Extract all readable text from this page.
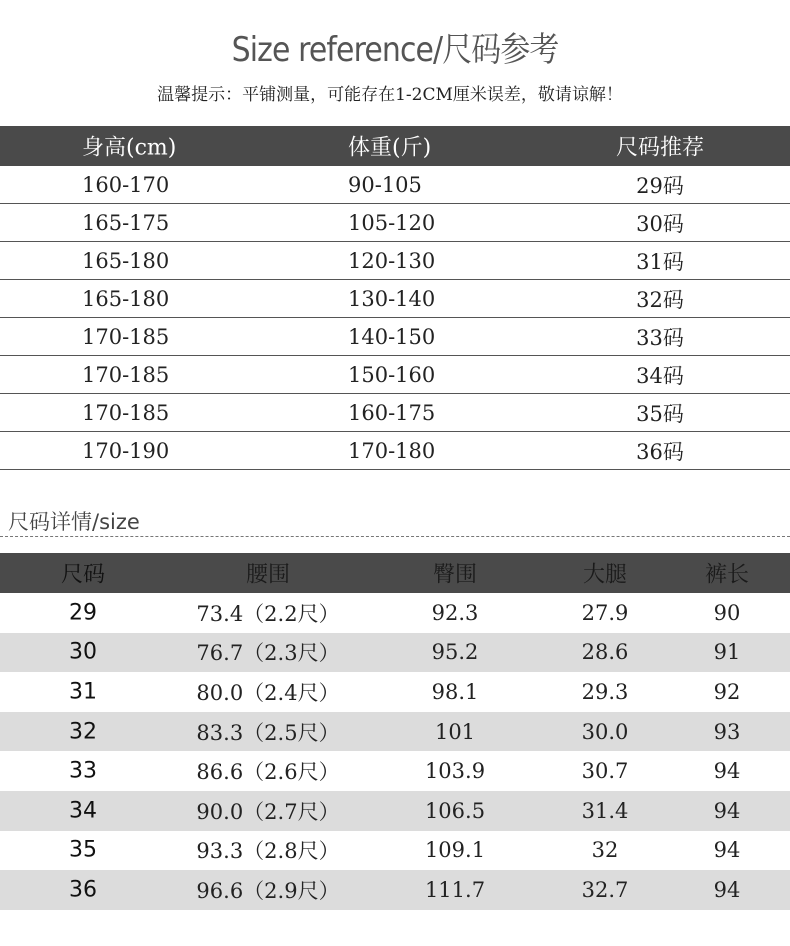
Size reference/尺码参考
温馨提示：平铺测量，可能存在1-2CM厘米误差，敬请谅解！
身高(cm)	体重(斤)	尺码推荐
160-170	90-105	29码
165-175	105-120	30码
165-180	120-130	31码
165-180	130-140	32码
170-185	140-150	33码
170-185	150-160	34码
170-185	160-175	35码
170-190	170-180	36码
尺码详情/size
尺码	腰围	臀围	大腿	裤长
29	73.4（2.2尺）	92.3	27.9	90
30	76.7（2.3尺）	95.2	28.6	91
31	80.0（2.4尺）	98.1	29.3	92
32	83.3（2.5尺）	101	30.0	93
33	86.6（2.6尺）	103.9	30.7	94
34	90.0（2.7尺）	106.5	31.4	94
35	93.3（2.8尺）	109.1	32	94
36	96.6（2.9尺）	111.7	32.7	94
